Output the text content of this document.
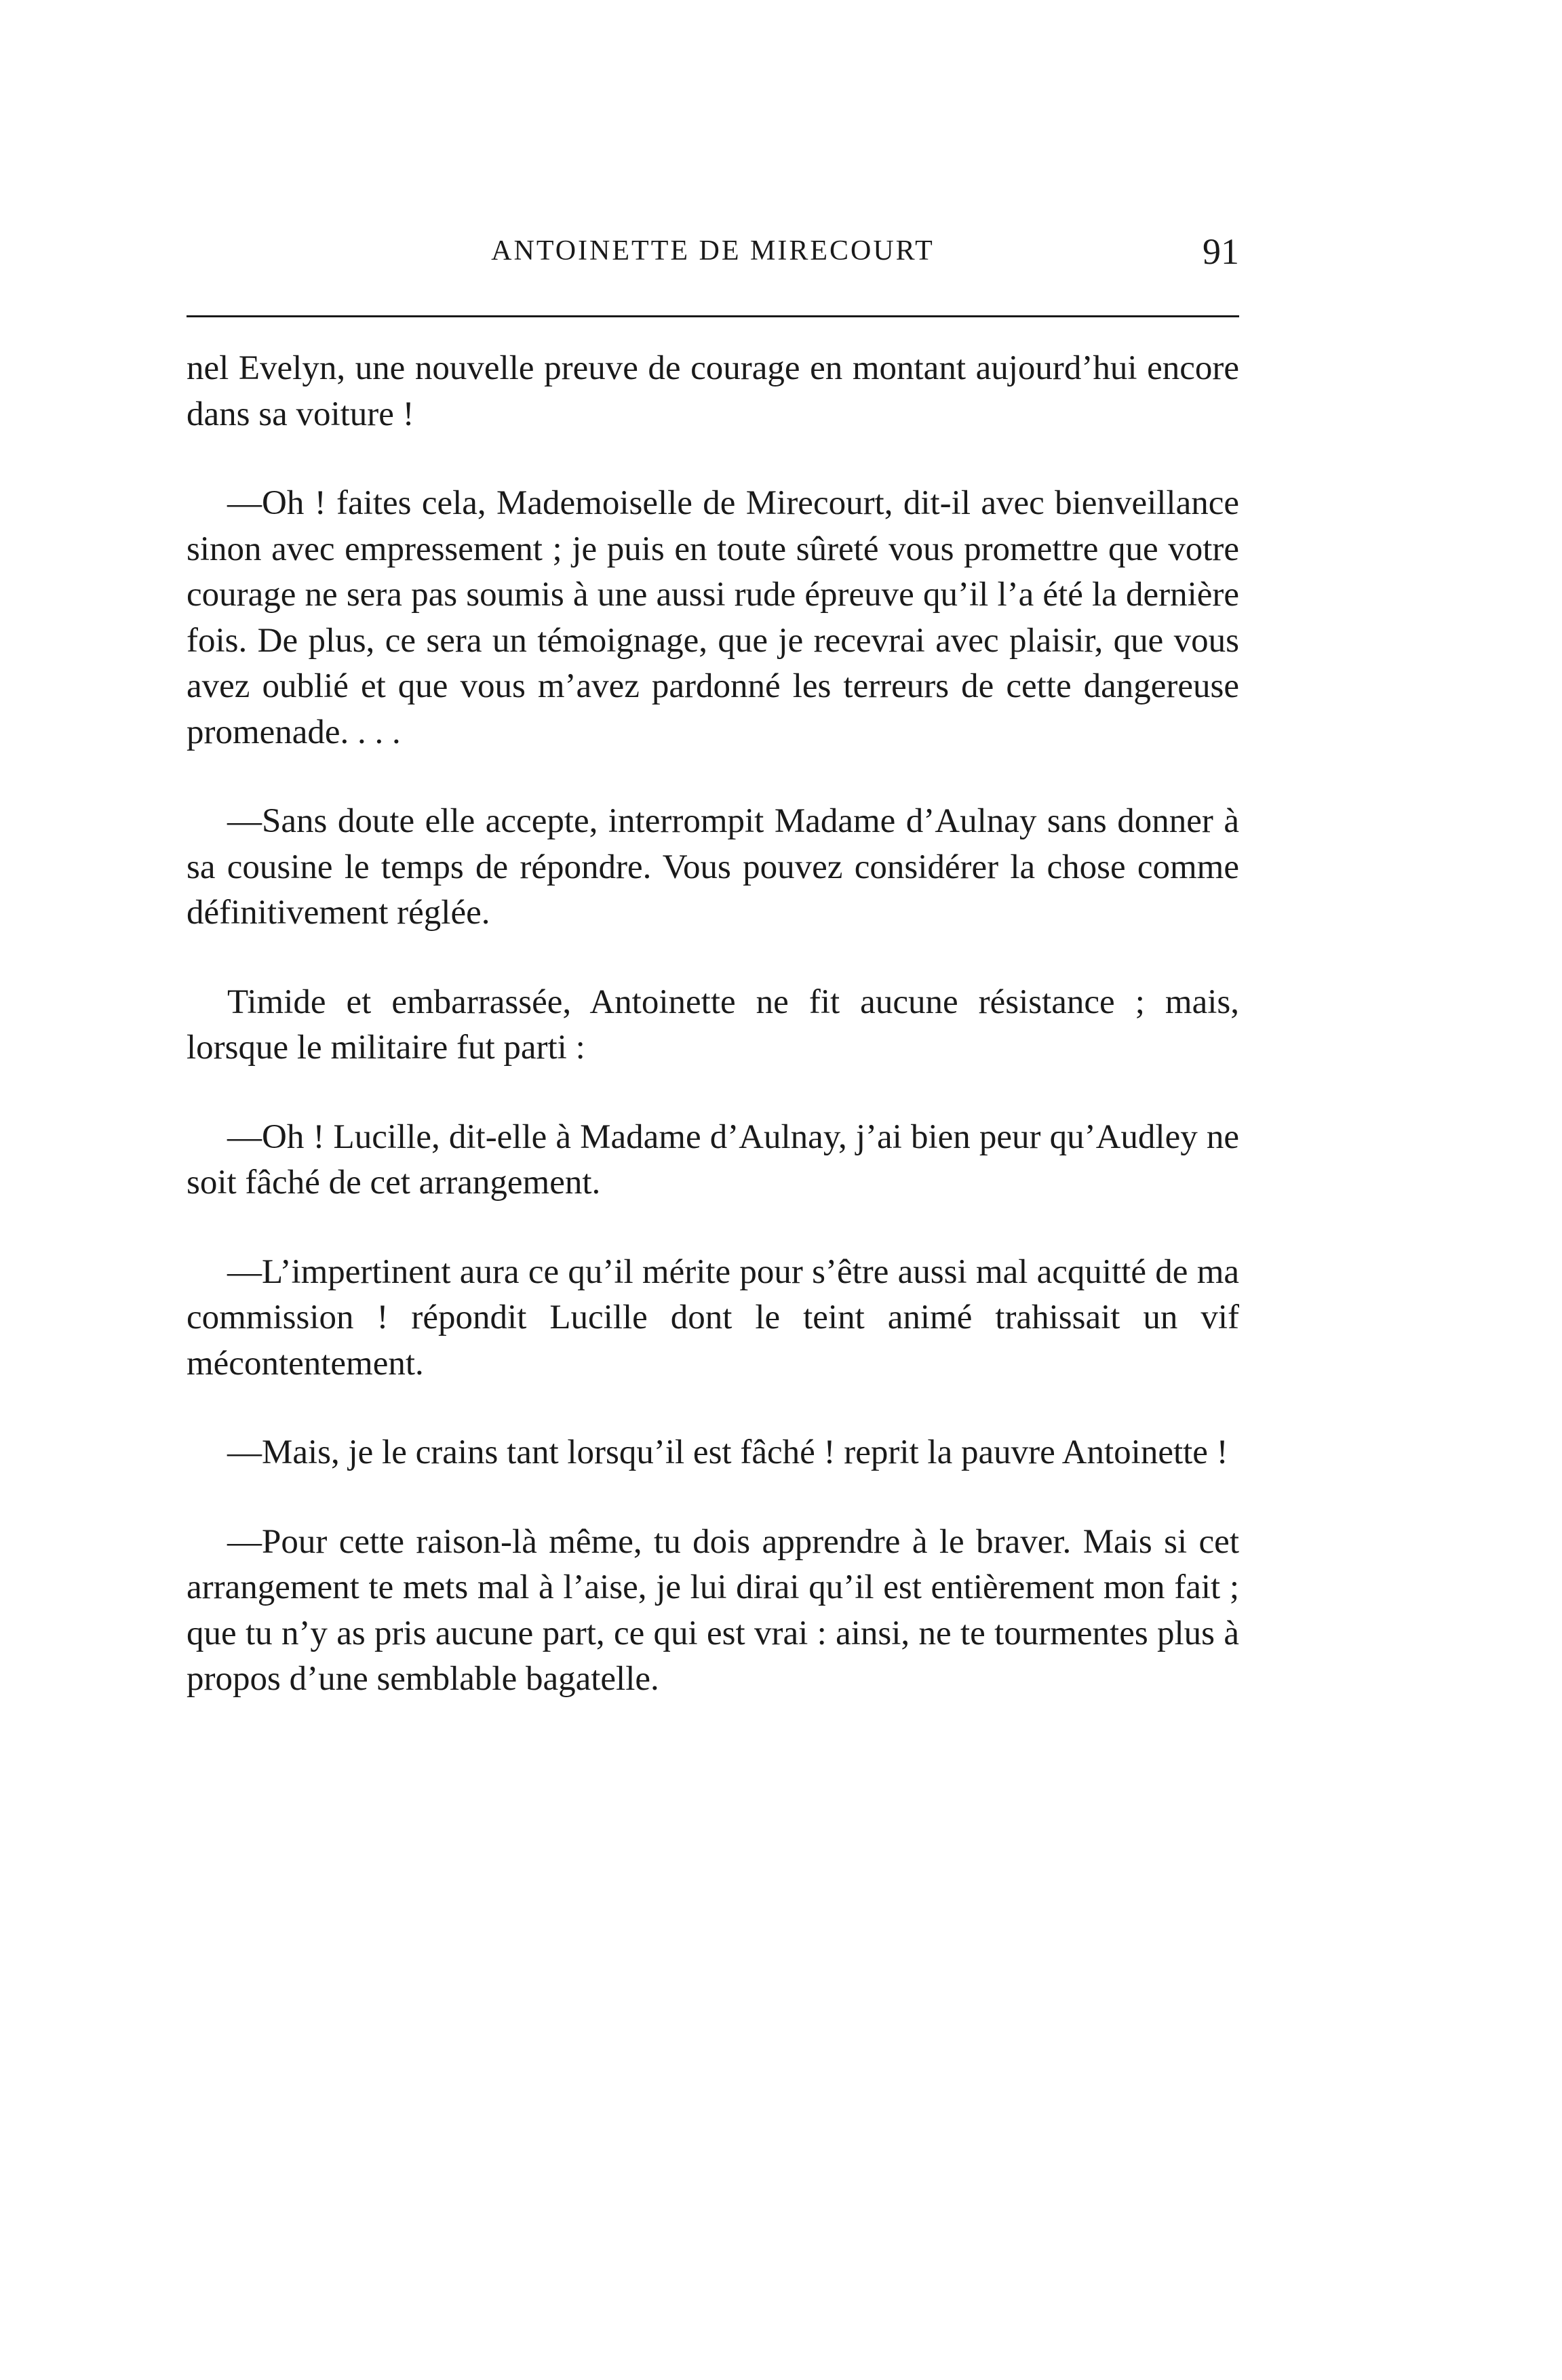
ANTOINETTE DE MIRECOURT	91

nel Evelyn, une nouvelle preuve de courage en montant aujourd’hui encore dans sa voiture !

—Oh ! faites cela, Mademoiselle de Mirecourt, dit-il avec bienveillance sinon avec empressement ; je puis en toute sûreté vous promettre que votre courage ne sera pas soumis à une aussi rude épreuve qu’il l’a été la dernière fois. De plus, ce sera un témoignage, que je recevrai avec plaisir, que vous avez oublié et que vous m’avez pardonné les terreurs de cette dangereuse promenade. . . .

—Sans doute elle accepte, interrompit Madame d’Aulnay sans donner à sa cousine le temps de répondre. Vous pouvez considérer la chose comme définitivement réglée.

Timide et embarrassée, Antoinette ne fit aucune résistance ; mais, lorsque le militaire fut parti :

—Oh ! Lucille, dit-elle à Madame d’Aulnay, j’ai bien peur qu’Audley ne soit fâché de cet arrangement.

—L’impertinent aura ce qu’il mérite pour s’être aussi mal acquitté de ma commission ! répondit Lucille dont le teint animé trahissait un vif mécontentement.

—Mais, je le crains tant lorsqu’il est fâché ! reprit la pauvre Antoinette !

—Pour cette raison-là même, tu dois apprendre à le braver. Mais si cet arrangement te mets mal à l’aise, je lui dirai qu’il est entièrement mon fait ; que tu n’y as pris aucune part, ce qui est vrai : ainsi, ne te tourmentes plus à propos d’une semblable bagatelle.
